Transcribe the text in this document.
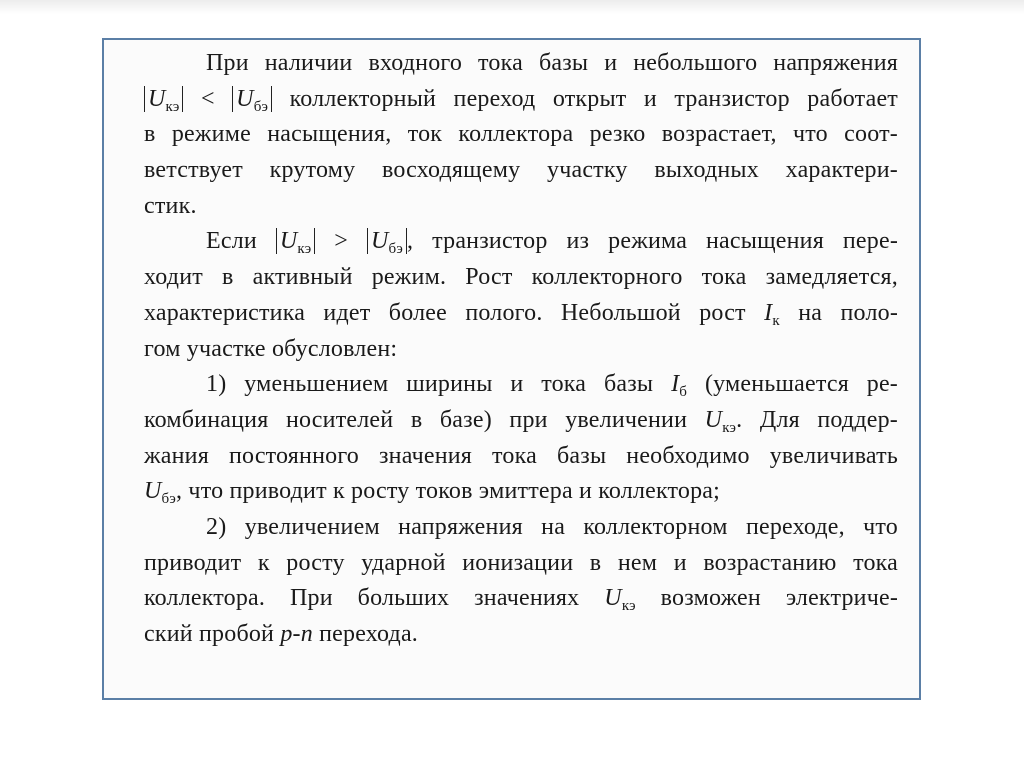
При наличии входного тока базы и небольшого напряжения
$U_{кэ} < U_{бэ}$ коллекторный переход открыт и транзистор работает
в режиме насыщения, ток коллектора резко возрастает, что соот-
ветствует крутому восходящему участку выходных характери-
стик.
Если $U_{кэ} > U_{бэ}$ , транзистор из режима насыщения пере-
ходит в активный режим. Рост коллекторного тока замедляется,
характеристика идет более полого. Небольшой рост $I_к$ на поло-
гом участке обусловлен:
1) уменьшением ширины и тока базы $I_б$ (уменьшается ре-
комбинация носителей в базе) при увеличении $U_{кэ}$. Для поддер-
жания постоянного значения тока базы необходимо увеличивать
$U_{бэ}$, что приводит к росту токов эмиттера и коллектора;
2) увеличением напряжения на коллекторном переходе, что
приводит к росту ударной ионизации в нем и возрастанию тока
коллектора. При больших значениях $U_{кэ}$ возможен электриче-
ский пробой p-n перехода.
